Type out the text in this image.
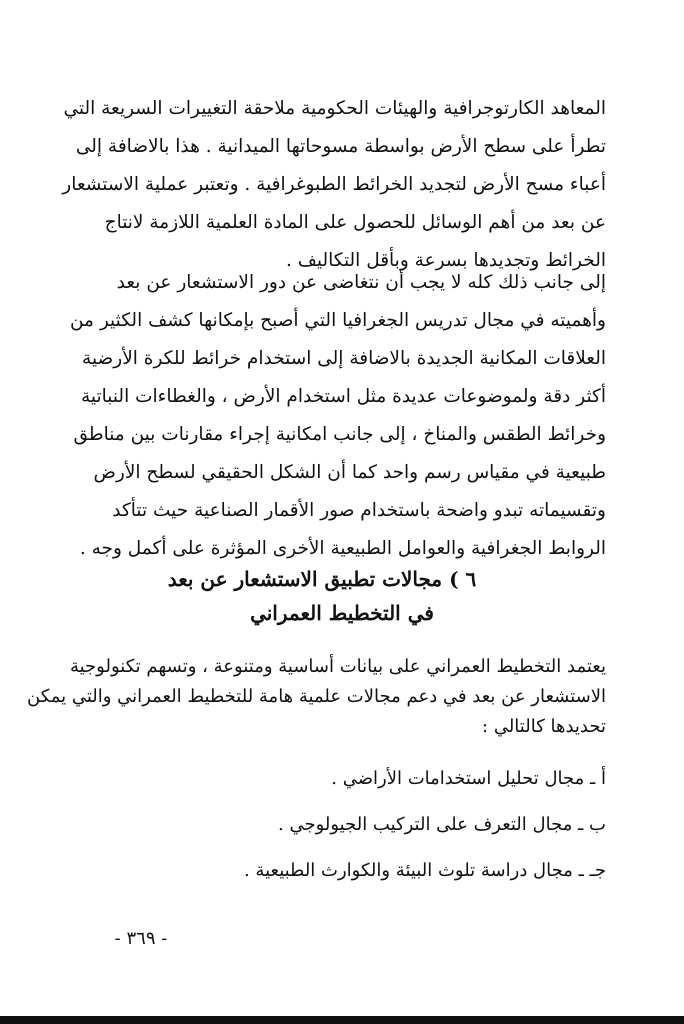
المعاهد الكارتوجرافية والهيئات الحكومية ملاحقة التغييرات السريعة التي
تطرأ على سطح الأرض بواسطة مسوحاتها الميدانية . هذا بالاضافة إلى
أعباء مسح الأرض لتجديد الخرائط الطبوغرافية . وتعتبر عملية الاستشعار
عن بعد من أهم الوسائل للحصول على المادة العلمية اللازمة لانتاج
الخرائط وتجديدها بسرعة وبأقل التكاليف .
إلى جانب ذلك كله لا يجب أن نتغاضى عن دور الاستشعار عن بعد
وأهميته في مجال تدريس الجغرافيا التي أصبح بإمكانها كشف الكثير من
العلاقات المكانية الجديدة بالاضافة إلى استخدام خرائط للكرة الأرضية
أكثر دقة ولموضوعات عديدة مثل استخدام الأرض ، والغطاءات النباتية
وخرائط الطقس والمناخ ، إلى جانب امكانية إجراء مقارنات بين مناطق
طبيعية في مقياس رسم واحد كما أن الشكل الحقيقي لسطح الأرض
وتقسيماته تبدو واضحة باستخدام صور الأقمار الصناعية حيث تتأكد
الروابط الجغرافية والعوامل الطبيعية الأخرى المؤثرة على أكمل وجه .
٦ ) مجالات تطبيق الاستشعار عن بعد
في التخطيط العمراني
يعتمد التخطيط العمراني على بيانات أساسية ومتنوعة ، وتسهم تكنولوجية
الاستشعار عن بعد في دعم مجالات علمية هامة للتخطيط العمراني والتي يمكن
تحديدها كالتالي :
أ ـ مجال تحليل استخدامات الأراضي .
ب ـ مجال التعرف على التركيب الجيولوجي .
جـ ـ مجال دراسة تلوث البيئة والكوارث الطبيعية .
- ٣٦٩ -
